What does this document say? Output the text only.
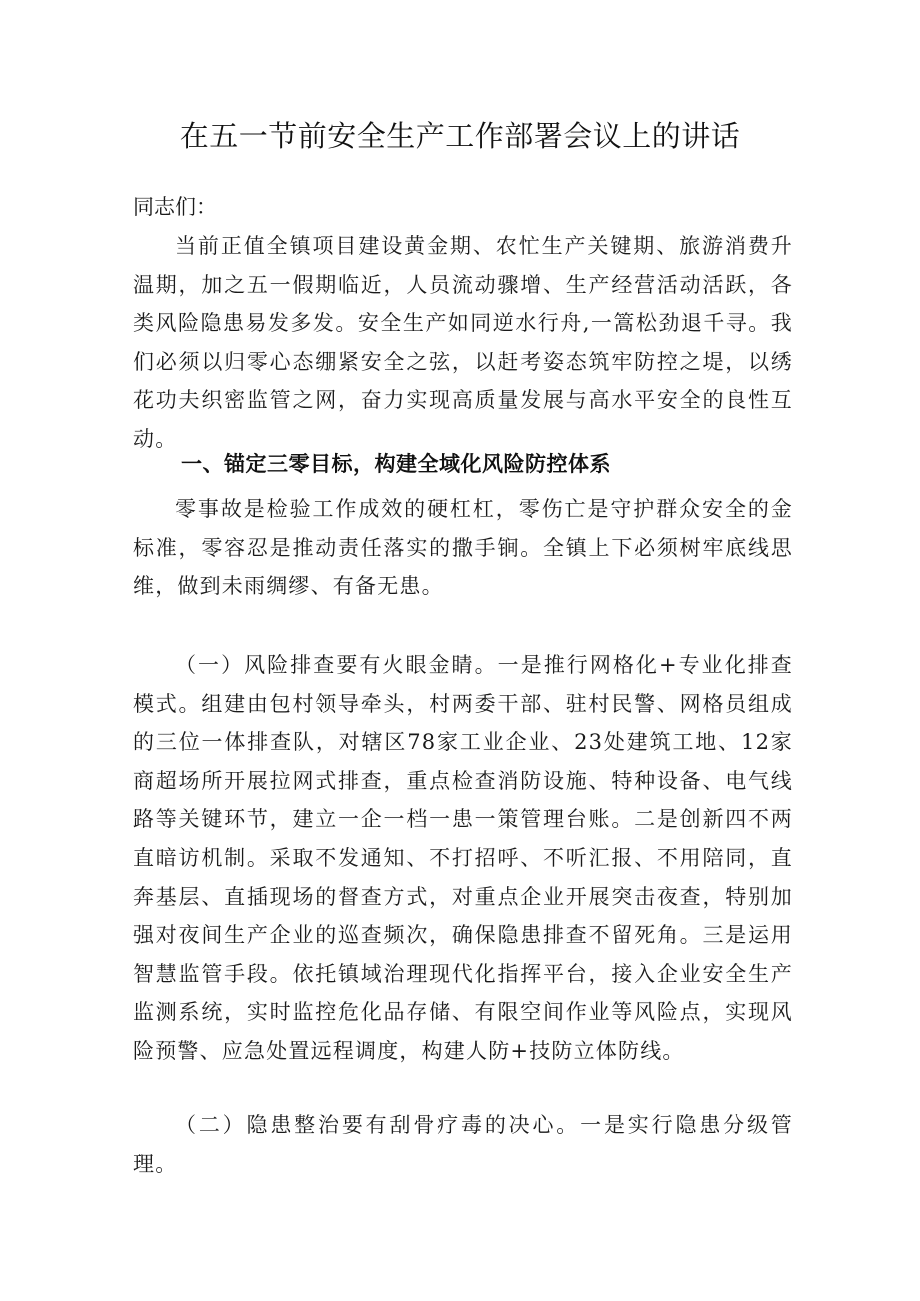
在五一节前安全生产工作部署会议上的讲话
同志们：

当前正值全镇项目建设黄金期、农忙生产关键期、旅游消费升温期，加之五一假期临近，人员流动骤增、生产经营活动活跃，各类风险隐患易发多发。安全生产如同逆水行舟,一篙松劲退千寻。我们必须以归零心态绷紧安全之弦，以赶考姿态筑牢防控之堤，以绣花功夫织密监管之网，奋力实现高质量发展与高水平安全的良性互动。

一、锚定三零目标，构建全域化风险防控体系

零事故是检验工作成效的硬杠杠，零伤亡是守护群众安全的金标准，零容忍是推动责任落实的撒手锏。全镇上下必须树牢底线思维，做到未雨绸缪、有备无患。

（一）风险排查要有火眼金睛。一是推行网格化+专业化排查模式。组建由包村领导牵头，村两委干部、驻村民警、网格员组成的三位一体排查队，对辖区78家工业企业、23处建筑工地、12家商超场所开展拉网式排查，重点检查消防设施、特种设备、电气线路等关键环节，建立一企一档一患一策管理台账。二是创新四不两直暗访机制。采取不发通知、不打招呼、不听汇报、不用陪同，直奔基层、直插现场的督查方式，对重点企业开展突击夜查，特别加强对夜间生产企业的巡查频次，确保隐患排查不留死角。三是运用智慧监管手段。依托镇域治理现代化指挥平台，接入企业安全生产监测系统，实时监控危化品存储、有限空间作业等风险点，实现风险预警、应急处置远程调度，构建人防+技防立体防线。

（二）隐患整治要有刮骨疗毒的决心。一是实行隐患分级管理。
